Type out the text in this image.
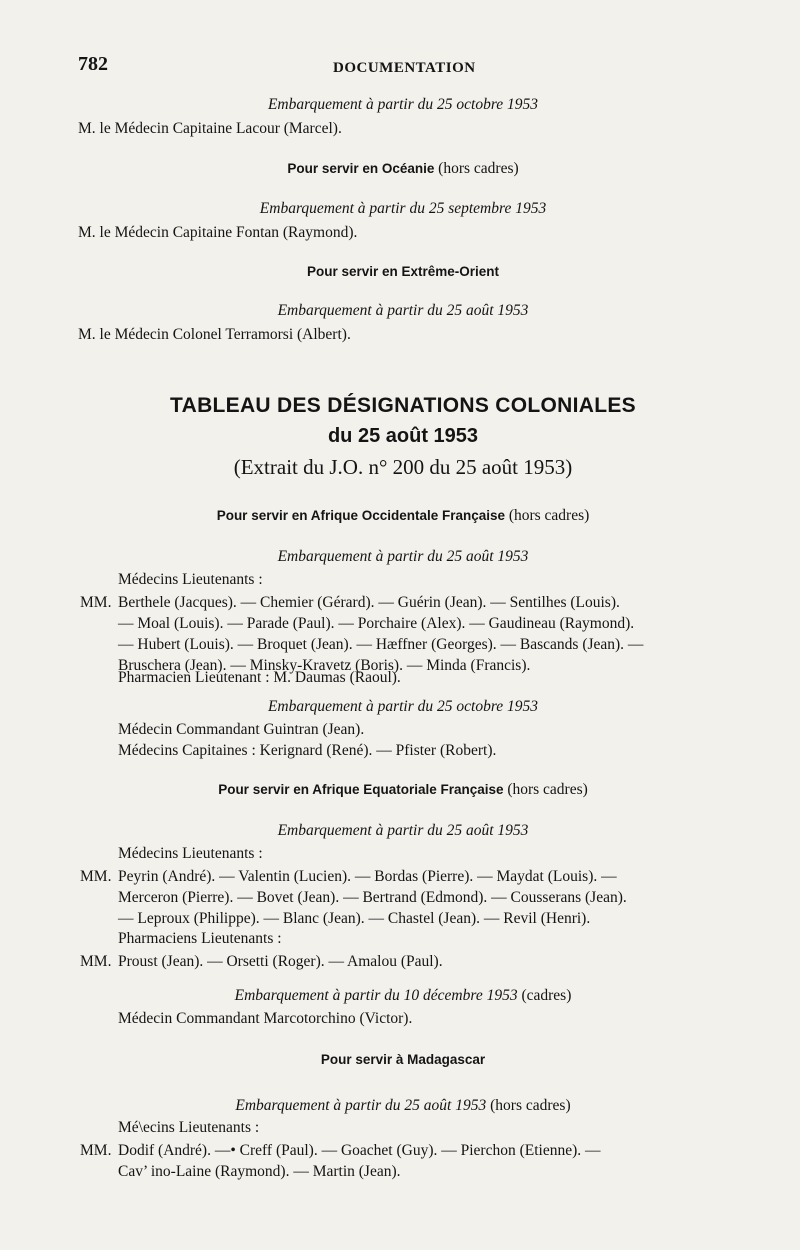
782	DOCUMENTATION
Embarquement à partir du 25 octobre 1953
M. le Médecin Capitaine Lacour (Marcel).
Pour servir en Océanie (hors cadres)
Embarquement à partir du 25 septembre 1953
M. le Médecin Capitaine Fontan (Raymond).
Pour servir en Extrême-Orient
Embarquement à partir du 25 août 1953
M. le Médecin Colonel Terramorsi (Albert).
TABLEAU DES DÉSIGNATIONS COLONIALES
du 25 août 1953
(Extrait du J.O. n° 200 du 25 août 1953)
Pour servir en Afrique Occidentale Française (hors cadres)
Embarquement à partir du 25 août 1953
Médecins Lieutenants :
MM. Berthele (Jacques). — Chemier (Gérard). — Guérin (Jean). — Sentilhes (Louis).
— Moal (Louis). — Parade (Paul). — Porchaire (Alex). — Gaudineau (Raymond).
— Hubert (Louis). — Broquet (Jean). — Hæffner (Georges). — Bascands (Jean). —
Bruschera (Jean). — Minsky-Kravetz (Boris). — Minda (Francis).
Pharmacien Lieutenant : M. Daumas (Raoul).
Embarquement à partir du 25 octobre 1953
Médecin Commandant Guintran (Jean).
Médecins Capitaines : Kerignard (René). — Pfister (Robert).
Pour servir en Afrique Equatoriale Française (hors cadres)
Embarquement à partir du 25 août 1953
Médecins Lieutenants :
MM. Peyrin (André). — Valentin (Lucien). — Bordas (Pierre). — Maydat (Louis). —
Merceron (Pierre). — Bovet (Jean). — Bertrand (Edmond). — Cousserans (Jean).
— Leproux (Philippe). — Blanc (Jean). — Chastel (Jean). — Revil (Henri).
Pharmaciens Lieutenants :
MM. Proust (Jean). — Orsetti (Roger). — Amalou (Paul).
Embarquement à partir du 10 décembre 1953 (cadres)
Médecin Commandant Marcotorchino (Victor).
Pour servir à Madagascar
Embarquement à partir du 25 août 1953 (hors cadres)
Mé\ecins Lieutenants :
MM. Dodif (André). —• Creff (Paul). — Goachet (Guy). — Pierchon (Etienne). —
Cav’ ino-Laine (Raymond). — Martin (Jean).
